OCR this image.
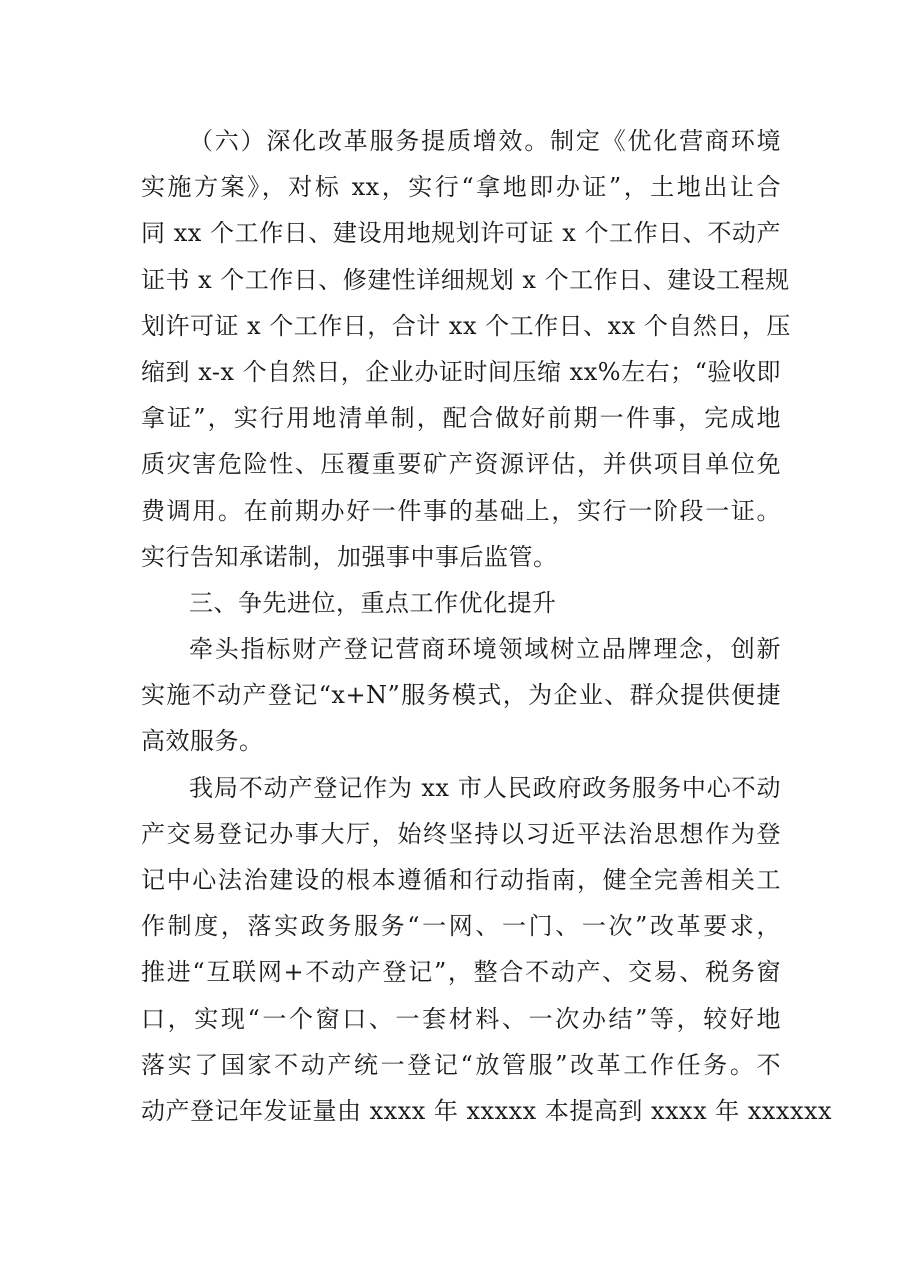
（六）深化改革服务提质增效。制定《优化营商环境
实施方案》，对标 xx，实行“拿地即办证”，土地出让合
同 xx 个工作日、建设用地规划许可证 x 个工作日、不动产
证书 x 个工作日、修建性详细规划 x 个工作日、建设工程规
划许可证 x 个工作日，合计 xx 个工作日、xx 个自然日，压
缩到 x-x 个自然日，企业办证时间压缩 xx%左右；“验收即
拿证”，实行用地清单制，配合做好前期一件事，完成地
质灾害危险性、压覆重要矿产资源评估，并供项目单位免
费调用。在前期办好一件事的基础上，实行一阶段一证。
实行告知承诺制，加强事中事后监管。
三、争先进位，重点工作优化提升
牵头指标财产登记营商环境领域树立品牌理念，创新
实施不动产登记“x+N”服务模式，为企业、群众提供便捷
高效服务。
我局不动产登记作为 xx 市人民政府政务服务中心不动
产交易登记办事大厅，始终坚持以习近平法治思想作为登
记中心法治建设的根本遵循和行动指南，健全完善相关工
作制度，落实政务服务“一网、一门、一次”改革要求，
推进“互联网+不动产登记”，整合不动产、交易、税务窗
口，实现“一个窗口、一套材料、一次办结”等，较好地
落实了国家不动产统一登记“放管服”改革工作任务。不
动产登记年发证量由 xxxx 年 xxxxx 本提高到 xxxx 年 xxxxxx
